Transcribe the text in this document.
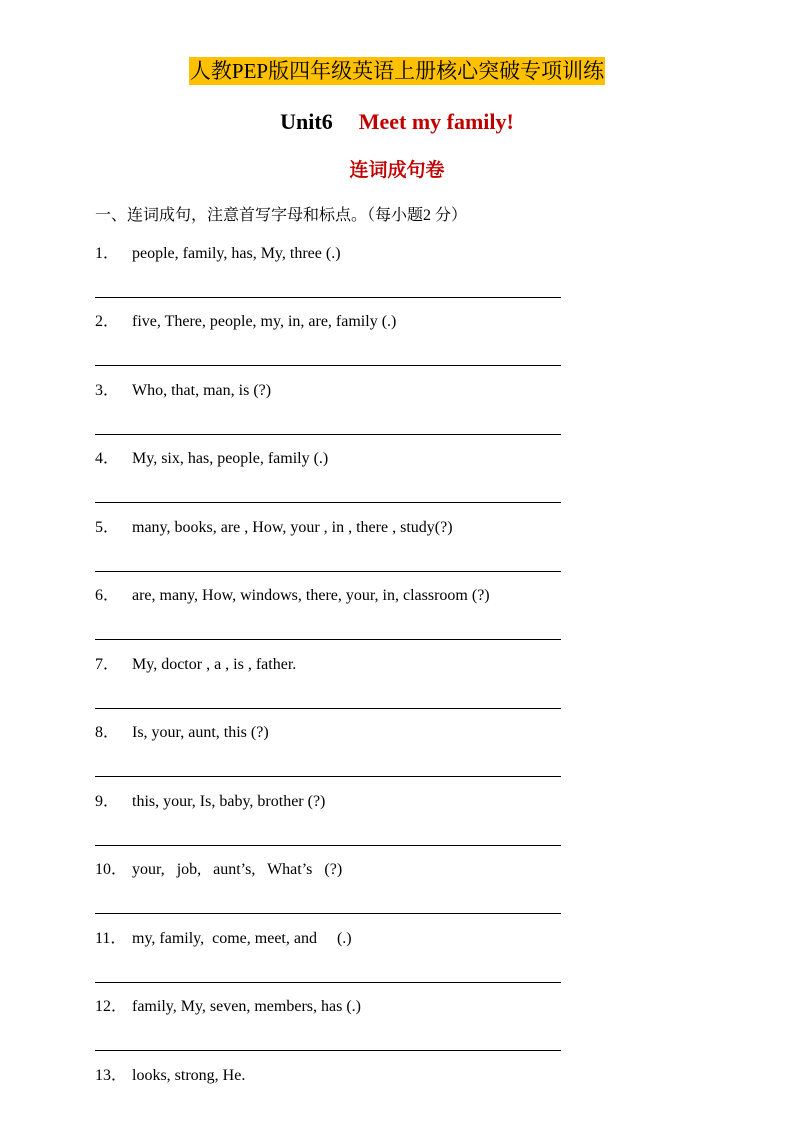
人教PEP版四年级英语上册核心突破专项训练
Unit6 Meet my family!
连词成句卷
一、连词成句，注意首写字母和标点。（每小题2 分）
1． people, family, has, My, three (.)
2． five, There, people, my, in, are, family (.)
3． Who, that, man, is (?)
4． My, six, has, people, family (.)
5． many, books, are , How, your , in , there , study(?)
6． are, many, How, windows, there, your, in, classroom (?)
7． My, doctor , a , is , father.
8． Is, your, aunt, this (?)
9． this, your, Is, baby, brother (?)
10． your,   job,   aunt’s,   What’s   (?)
11． my, family,  come, meet, and     (.)
12． family, My, seven, members, has (.)
13． looks, strong, He.
